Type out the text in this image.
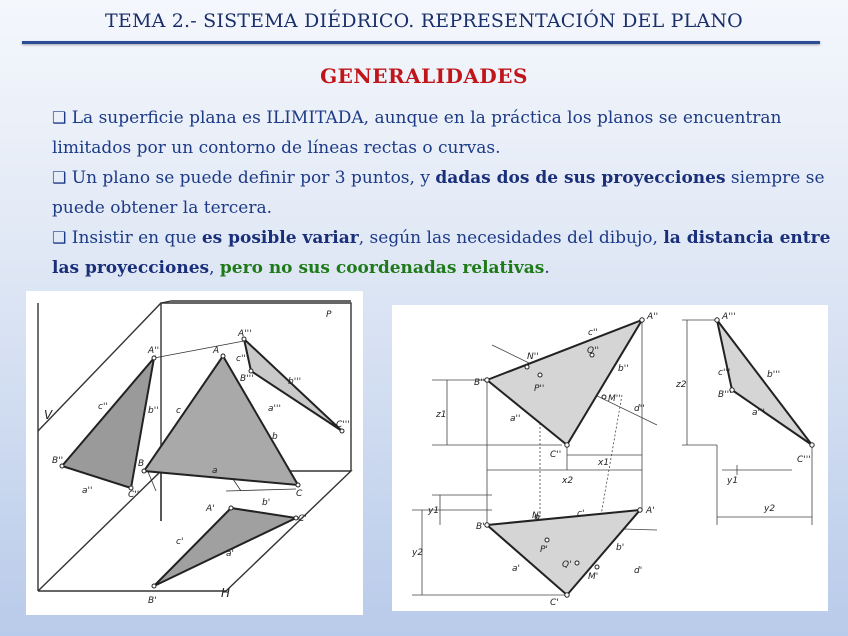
TEMA 2.- SISTEMA DIÉDRICO. REPRESENTACIÓN DEL PLANO
GENERALIDADES

❑ La superficie plana es ILIMITADA, aunque en la práctica los planos se encuentran limitados por un contorno de líneas rectas o curvas.

❑ Un plano se puede definir por 3 puntos, y dadas dos de sus proyecciones siempre se puede obtener la tercera.

❑ Insistir en que es posible variar, según las necesidades del dibujo, la distancia entre las proyecciones, pero no sus coordenadas relativas.

P
V
H
A'''
c'''
B'''	b'''
a'''
C'''
A
c
b
B
a
C
A''
c''	b''
B''
a''	C''
A'
b'
C'
c'
a'
B'
A''
B''
C''
N''
P''
Q''
M''
c''
b''
a''
d''
A'''
c'''
B'''
b'''
a'''
C'''
A'
B'
C'
N'
P'
Q'
M'
c'
b'
a'	d'
z1
z2
x1
x2
y1
y2
y1
y2
